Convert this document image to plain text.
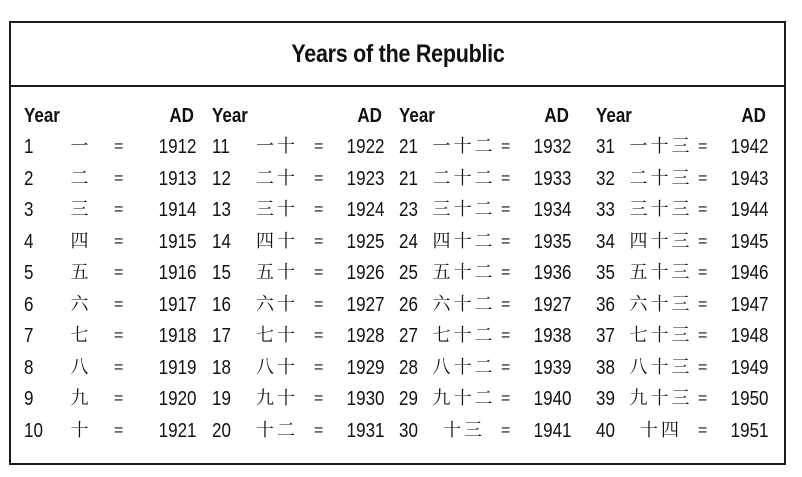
Years of the Republic
Year	AD
1	一	= 1912
2	二	= 1913
3	三	= 1914
4	四	= 1915
5	五	= 1916
6	六	= 1917
7	七	= 1918
8	八	= 1919
9	九	= 1920
10	十	= 1921
Year	AD
11	一十	= 1922
12	二十	= 1923
13	三十	= 1924
14	四十	= 1925
15	五十	= 1926
16	六十	= 1927
17	七十	= 1928
18	八十	= 1929
19	九十	= 1930
20	十二	= 1931
Year	AD
21 一十二 = 1932
21 二十二 = 1933
23 三十二 = 1934
24 四十二 = 1935
25 五十二 = 1936
26 六十二 = 1927
27 七十二 = 1938
28 八十二 = 1939
29 九十二 = 1940
30	十三	= 1941
Year	AD
31 一十三 = 1942
32 二十三 = 1943
33 三十三 = 1944
34 四十三 = 1945
35 五十三 = 1946
36 六十三 = 1947
37 七十三 = 1948
38 八十三 = 1949
39 九十三 = 1950
40	十四	= 1951
